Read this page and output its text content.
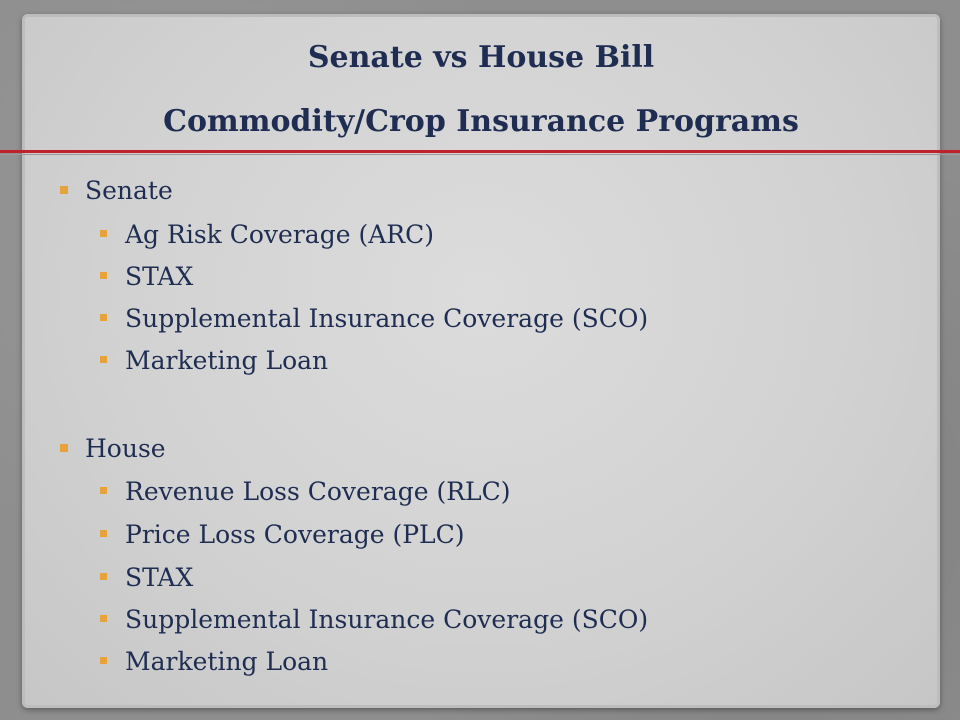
Senate vs House Bill
Commodity/Crop Insurance Programs
Senate
Ag Risk Coverage (ARC)
STAX
Supplemental Insurance Coverage (SCO)
Marketing Loan
House
Revenue Loss Coverage (RLC)
Price Loss Coverage (PLC)
STAX
Supplemental Insurance Coverage (SCO)
Marketing Loan
